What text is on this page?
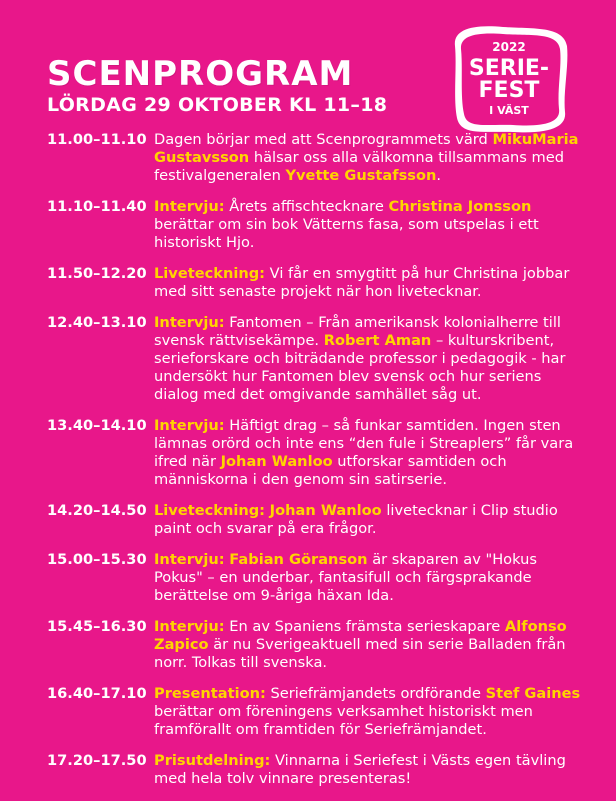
SCENPROGRAM
LÖRDAG 29 OKTOBER KL 11–18
2022
SERIE-
FEST
I VÄST
11.00–11.10 Dagen börjar med att Scenprogrammets värd MikuMaria Gustavsson hälsar oss alla välkomna tillsammans med festivalgeneralen Yvette Gustafsson.
11.10–11.40 Intervju: Årets affischtecknare Christina Jonsson berättar om sin bok Vätterns fasa, som utspelas i ett historiskt Hjo.
11.50–12.20 Liveteckning: Vi får en smygtitt på hur Christina jobbar med sitt senaste projekt när hon livetecknar.
12.40–13.10 Intervju: Fantomen – Från amerikansk kolonialherre till svensk rättvisekämpe. Robert Aman – kulturskribent, serieforskare och biträdande professor i pedagogik - har undersökt hur Fantomen blev svensk och hur seriens dialog med det omgivande samhället såg ut.
13.40–14.10 Intervju: Häftigt drag – så funkar samtiden. Ingen sten lämnas orörd och inte ens “den fule i Streaplers” får vara ifred när Johan Wanloo utforskar samtiden och människorna i den genom sin satirserie.
14.20–14.50 Liveteckning: Johan Wanloo livetecknar i Clip studio paint och svarar på era frågor.
15.00–15.30 Intervju: Fabian Göranson är skaparen av "Hokus Pokus" – en underbar, fantasifull och färgsprakande berättelse om 9-åriga häxan Ida.
15.45–16.30 Intervju: En av Spaniens främsta serieskapare Alfonso Zapico är nu Sverigeaktuell med sin serie Balladen från norr. Tolkas till svenska.
16.40–17.10 Presentation: Seriefrämjandets ordförande Stef Gaines berättar om föreningens verksamhet historiskt men framförallt om framtiden för Seriefrämjandet.
17.20–17.50 Prisutdelning: Vinnarna i Seriefest i Västs egen tävling med hela tolv vinnare presenteras!
